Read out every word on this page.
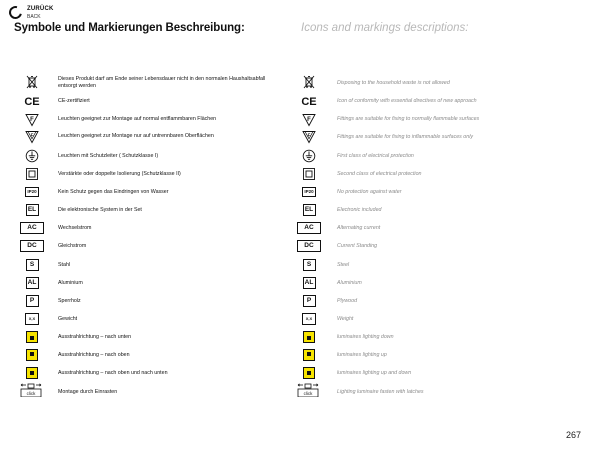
ZURÜCK
BACK
Symbole und Markierungen Beschreibung:	Icons and markings descriptions:
Dieses Produkt darf am Ende seiner Lebensdauer nicht in den normalen Haushaltsabfall entsorgt werden	Disposing to the household waste is not allowed
CE	CE-zertifiziert	CE	Icon of conformity with essential directives of new approach
Leuchten geeignet zur Montage auf normal entflammbaren Flächen	Fittings are suitable for fixing to normally flammable surfaces
Leuchten geeignet zur Montage nur auf untrennbaren Oberflächen	Fittings are suitable for fixing to inflammable surfaces only
Leuchten mit Schutzleiter ( Schutzklasse I)	First class of electrical protection
Verstärkte oder doppelte Isolierung (Schutzklasse II)	Second class of electrical protection
IP20	Kein Schutz gegen das Eindringen von Wasser	IP20	No protection against water
EL	Die elektronische System in der Set	EL	Electronic included
AC	Wechselstrom	AC	Alternating current
DC	Gleichstrom	DC	Current Standing
S	Stahl	S	Steel
AL	Aluminium	AL	Aluminium
P	Sperrholz	P	Plywood
X,X	Gewicht	X,X	Weight
Ausstrahlrichtung – nach unten	luminaires lighting down
Ausstrahlrichtung – nach oben	luminaires lighting up
Ausstrahlrichtung – nach oben und nach unten	luminaires lighting up and down
click	Montage durch Einrasten	click	Lighting luminaire fasten with latches
267
